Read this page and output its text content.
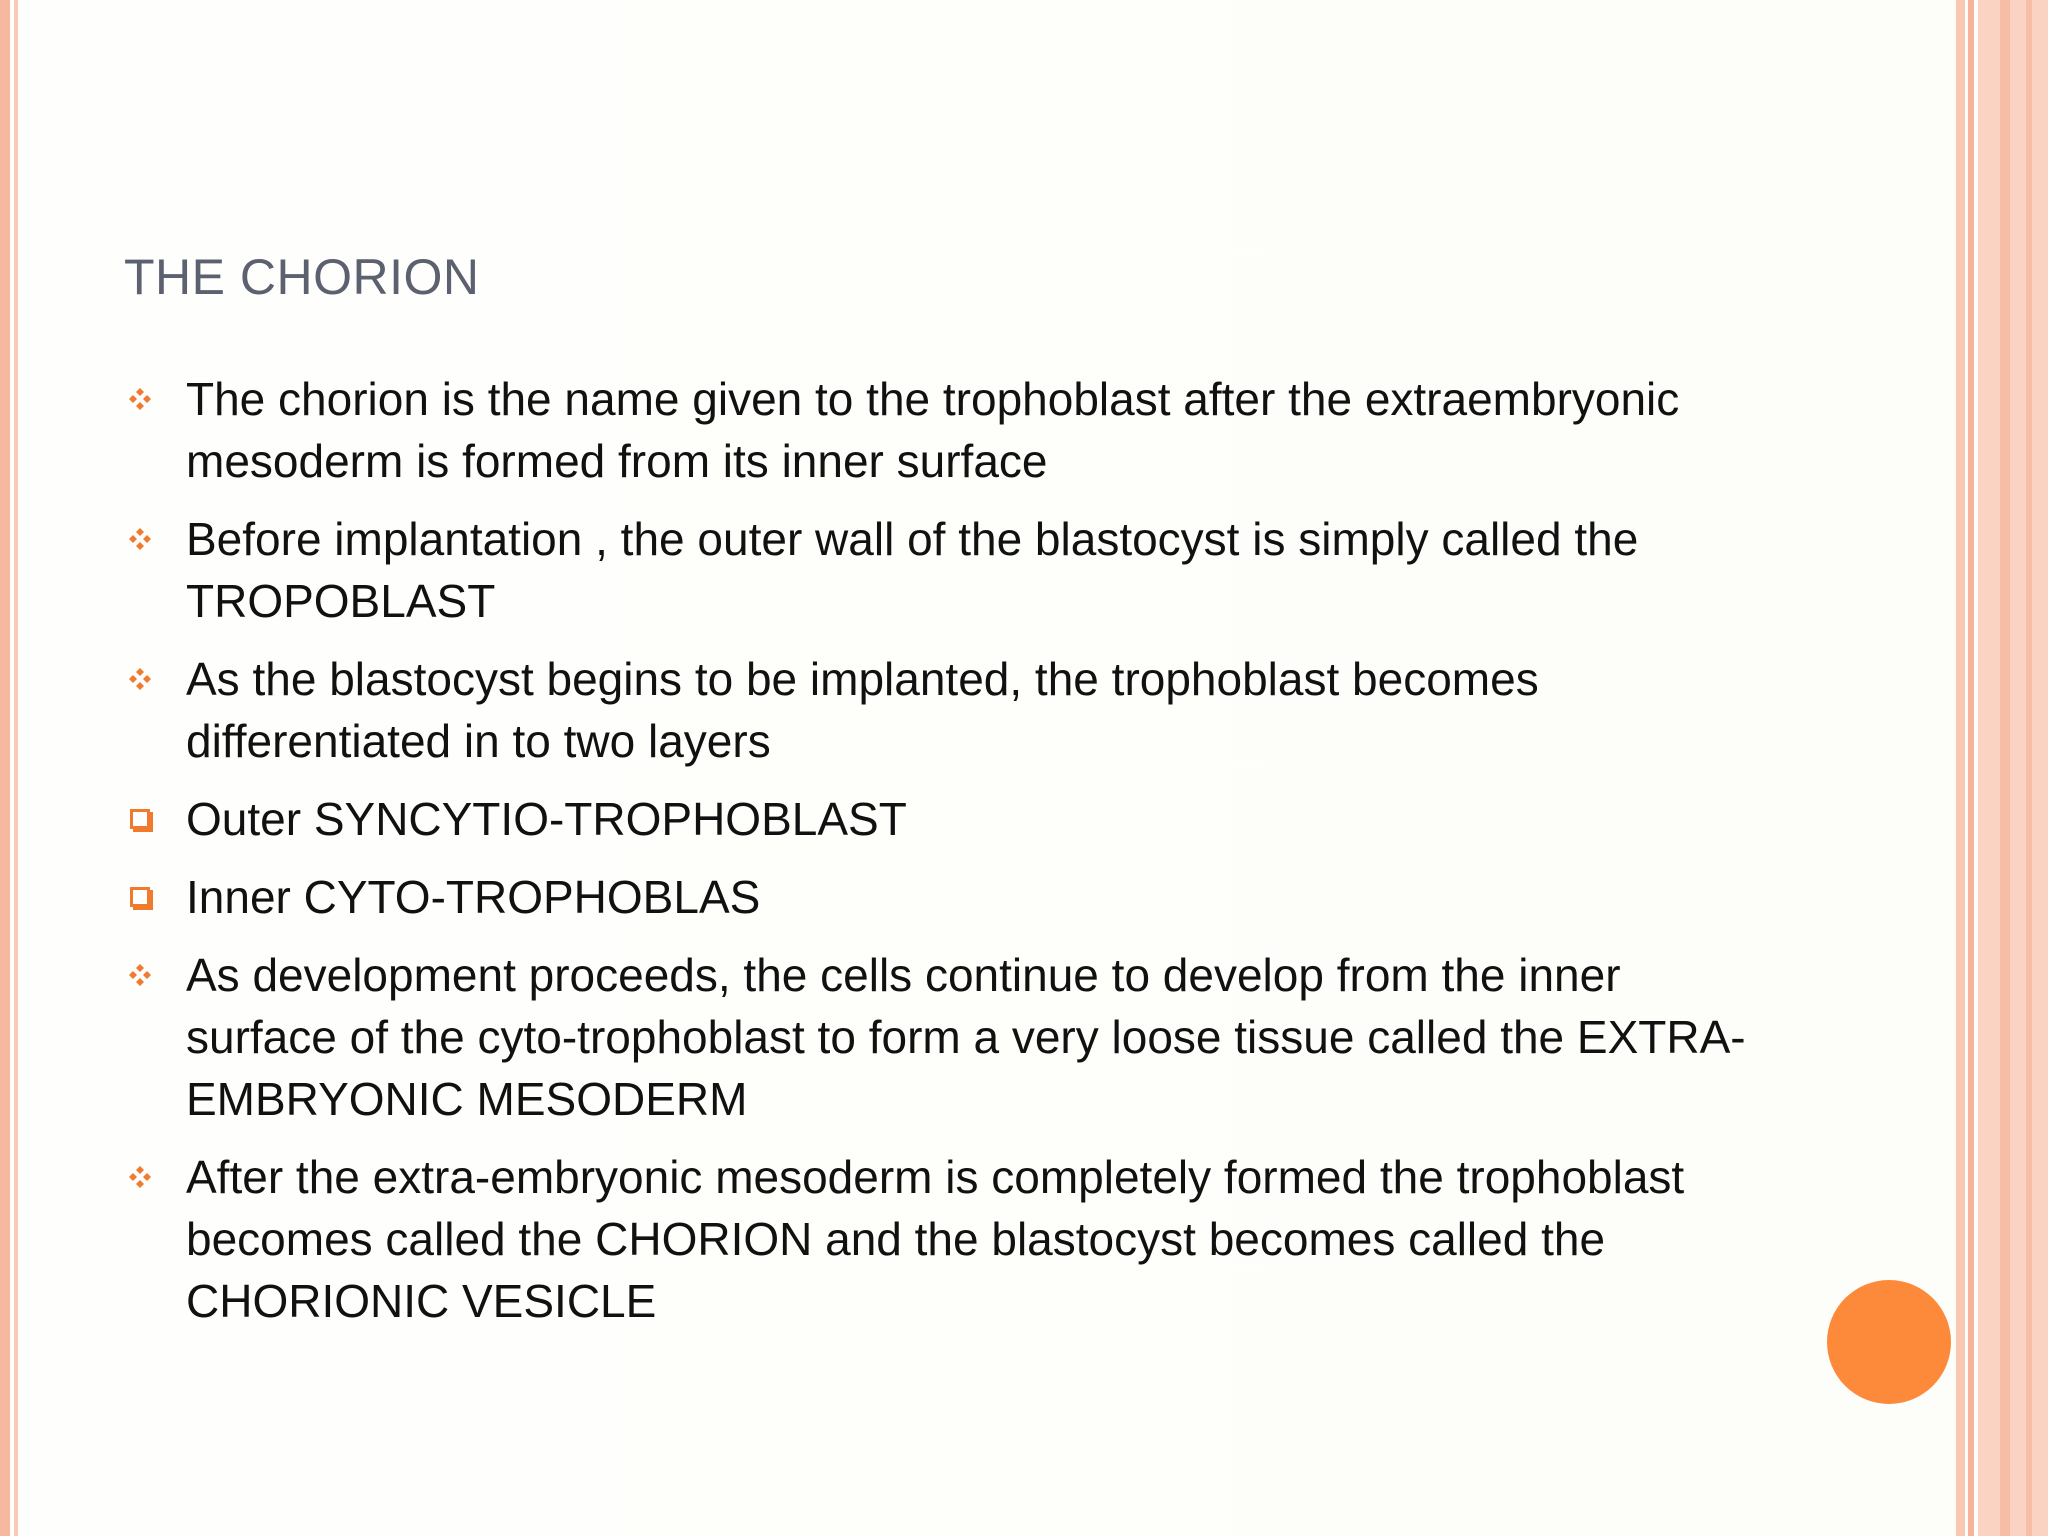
THE CHORION
The chorion is the name given to the trophoblast after the extraembryonic mesoderm is formed from its inner surface
Before implantation , the outer wall of the blastocyst is simply called the TROPOBLAST
As the blastocyst begins to be implanted, the trophoblast becomes differentiated in to two layers
Outer SYNCYTIO-TROPHOBLAST
Inner CYTO-TROPHOBLAS
As development proceeds, the cells continue to develop from the inner surface of the cyto-trophoblast to form a very loose tissue called the EXTRA-EMBRYONIC MESODERM
After the extra-embryonic mesoderm is completely formed the trophoblast becomes called the CHORION and the blastocyst becomes called the CHORIONIC VESICLE
